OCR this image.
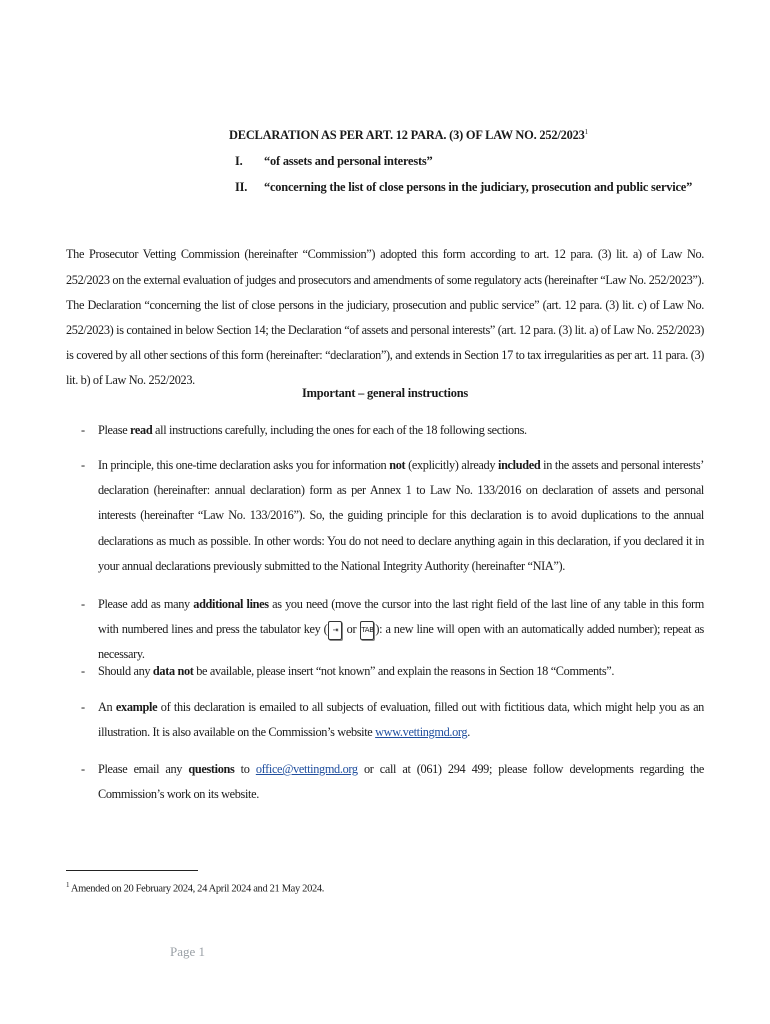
DECLARATION AS PER ART. 12 PARA. (3) OF LAW NO. 252/2023$^1$
I. “of assets and personal interests”
II. “concerning the list of close persons in the judiciary, prosecution and public service”

The Prosecutor Vetting Commission (hereinafter “Commission”) adopted this form according to art. 12 para. (3) lit. a) of Law No. 252/2023 on the external evaluation of judges and prosecutors and amendments of some regulatory acts (hereinafter “Law No. 252/2023”). The Declaration “concerning the list of close persons in the judiciary, prosecution and public service” (art. 12 para. (3) lit. c) of Law No. 252/2023) is contained in below Section 14; the Declaration “of assets and personal interests” (art. 12 para. (3) lit. a) of Law No. 252/2023) is covered by all other sections of this form (hereinafter: “declaration”), and extends in Section 17 to tax irregularities as per art. 11 para. (3) lit. b) of Law No. 252/2023.

Important – general instructions
- Please read all instructions carefully, including the ones for each of the 18 following sections.
- In principle, this one-time declaration asks you for information not (explicitly) already included in the assets and personal interests’ declaration (hereinafter: annual declaration) form as per Annex 1 to Law No. 133/2016 on declaration of assets and personal interests (hereinafter “Law No. 133/2016”). So, the guiding principle for this declaration is to avoid duplications to the annual declarations as much as possible. In other words: You do not need to declare anything again in this declaration, if you declared it in your annual declarations previously submitted to the National Integrity Authority (hereinafter “NIA”).
- Please add as many additional lines as you need (move the cursor into the last right field of the last line of any table in this form with numbered lines and press the tabulator key ( ⇥ or TAB ): a new line will open with an automatically added number); repeat as necessary.
- Should any data not be available, please insert “not known” and explain the reasons in Section 18 “Comments”.
- An example of this declaration is emailed to all subjects of evaluation, filled out with fictitious data, which might help you as an illustration. It is also available on the Commission’s website www.vettingmd.org.
- Please email any questions to office@vettingmd.org or call at (061) 294 499; please follow developments regarding the Commission’s work on its website.
$^1$ Amended on 20 February 2024, 24 April 2024 and 21 May 2024.
Page 1
